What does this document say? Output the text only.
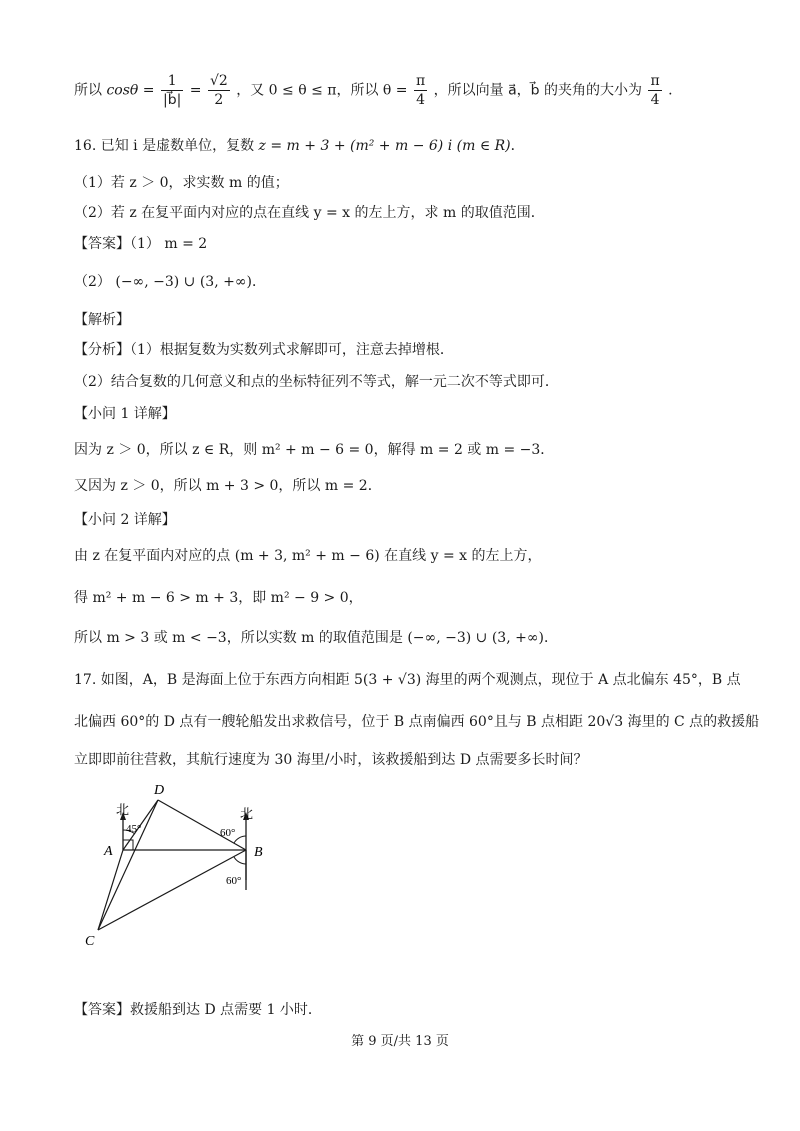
所以 $\cos\theta = \frac{1}{|b⃗|} = \frac{√2}{2}$ ，又 0 ≤ θ ≤ π，所以 $\theta = \frac{\pi}{4}$ ，所以向量 a⃗，b⃗ 的夹角的大小为 $\frac{\pi}{4}$ .
16. 已知 i 是虚数单位，复数 z = m + 3 + (m² + m − 6) i (m ∈ R)．
（1）若 z ＞ 0，求实数 m 的值；
（2）若 z 在复平面内对应的点在直线 y = x 的左上方，求 m 的取值范围．
【答案】（1） m = 2
（2） (−∞, −3) ∪ (3, +∞)．
【解析】
【分析】（1）根据复数为实数列式求解即可，注意去掉增根．
（2）结合复数的几何意义和点的坐标特征列不等式，解一元二次不等式即可．
【小问 1 详解】
因为 z ＞ 0，所以 z ∈ R，则 m² + m − 6 = 0，解得 m = 2 或 m = −3．
又因为 z ＞ 0，所以 m + 3 > 0，所以 m = 2．
【小问 2 详解】
由 z 在复平面内对应的点 (m + 3, m² + m − 6) 在直线 y = x 的左上方，
得 m² + m − 6 > m + 3，即 m² − 9 > 0，
所以 m > 3 或 m < −3，所以实数 m 的取值范围是 (−∞, −3) ∪ (3, +∞)．
17. 如图，A，B 是海面上位于东西方向相距 5(3 + √3) 海里的两个观测点，现位于 A 点北偏东 45°，B 点
北偏西 60°的 D 点有一艘轮船发出求救信号，位于 B 点南偏西 60°且与 B 点相距 20√3 海里的 C 点的救援船
立即即前往营救，其航行速度为 30 海里/小时，该救援船到达 D 点需要多长时间？
北	北
45°	60°
60°
A	B
C
D
【答案】救援船到达 D 点需要 1 小时．
第 9 页/共 13 页
